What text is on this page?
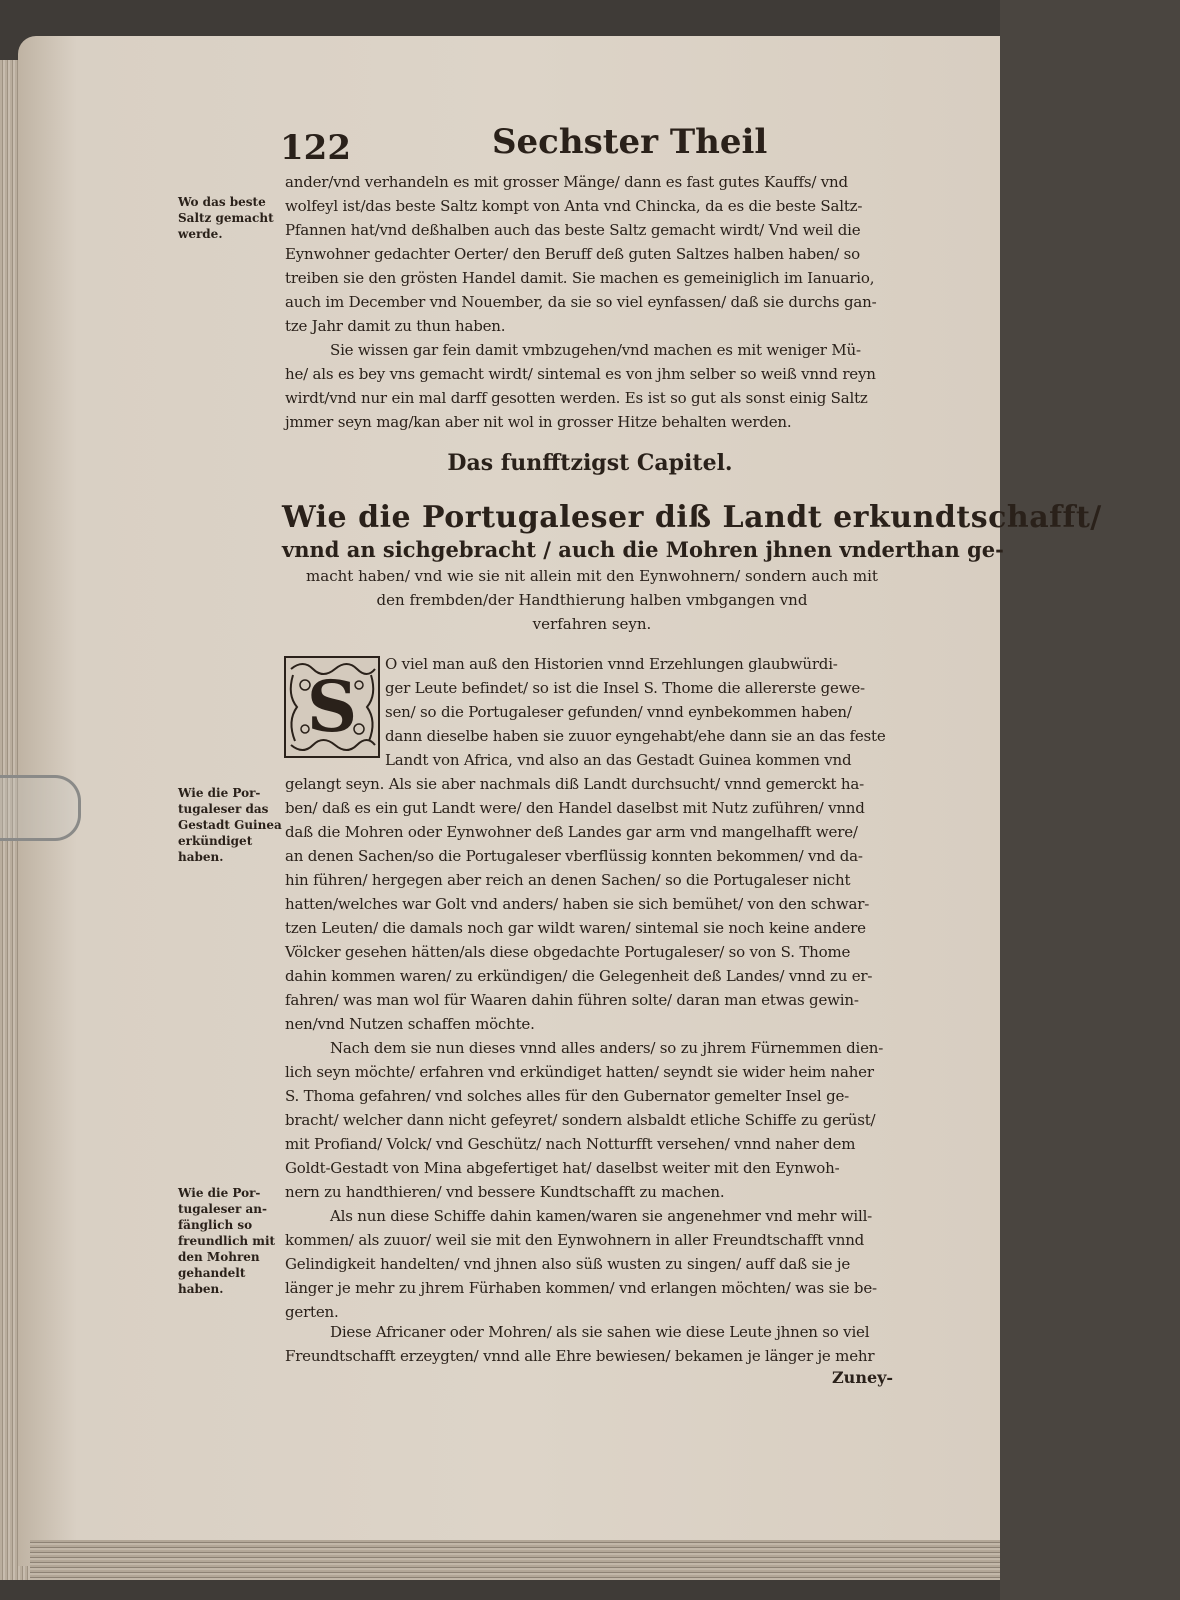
122	Sechster Theil
Wo das beste
Saltz gemacht
werde.
Wie die Por-
tugaleser das
Gestadt Guinea
erkündiget
haben.
Wie die Por-
tugaleser an-
fänglich so
freundlich mit
den Mohren
gehandelt
haben.
ander/vnd verhandeln es mit grosser Mänge/ dann es fast gutes Kauffs/ vnd
wolfeyl ist/das beste Saltz kompt von Anta vnd Chincka, da es die beste Saltz-
Pfannen hat/vnd deßhalben auch das beste Saltz gemacht wirdt/ Vnd weil die
Eynwohner gedachter Oerter/ den Beruff deß guten Saltzes halben haben/ so
treiben sie den grösten Handel damit. Sie machen es gemeiniglich im Ianuario,
auch im December vnd Nouember, da sie so viel eynfassen/ daß sie durchs gan-
tze Jahr damit zu thun haben.
Sie wissen gar fein damit vmbzugehen/vnd machen es mit weniger Mü-
he/ als es bey vns gemacht wirdt/ sintemal es von jhm selber so weiß vnnd reyn
wirdt/vnd nur ein mal darff gesotten werden. Es ist so gut als sonst einig Saltz
jmmer seyn mag/kan aber nit wol in grosser Hitze behalten werden.
Das funfftzigst Capitel.
Wie die Portugaleser diß Landt erkundtschafft/
vnnd an sichgebracht / auch die Mohren jhnen vnderthan ge-
macht haben/ vnd wie sie nit allein mit den Eynwohnern/ sondern auch mit
den frembden/der Handthierung halben vmbgangen vnd
verfahren seyn.
S
O viel man auß den Historien vnnd Erzehlungen glaubwürdi-
ger Leute befindet/ so ist die Insel S. Thome die allererste gewe-
sen/ so die Portugaleser gefunden/ vnnd eynbekommen haben/
dann dieselbe haben sie zuuor eyngehabt/ehe dann sie an das feste
Landt von Africa, vnd also an das Gestadt Guinea kommen vnd
gelangt seyn. Als sie aber nachmals diß Landt durchsucht/ vnnd gemerckt ha-
ben/ daß es ein gut Landt were/ den Handel daselbst mit Nutz zuführen/ vnnd
daß die Mohren oder Eynwohner deß Landes gar arm vnd mangelhafft were/
an denen Sachen/so die Portugaleser vberflüssig konnten bekommen/ vnd da-
hin führen/ hergegen aber reich an denen Sachen/ so die Portugaleser nicht
hatten/welches war Golt vnd anders/ haben sie sich bemühet/ von den schwar-
tzen Leuten/ die damals noch gar wildt waren/ sintemal sie noch keine andere
Völcker gesehen hätten/als diese obgedachte Portugaleser/ so von S. Thome
dahin kommen waren/ zu erkündigen/ die Gelegenheit deß Landes/ vnnd zu er-
fahren/ was man wol für Waaren dahin führen solte/ daran man etwas gewin-
nen/vnd Nutzen schaffen möchte.
Nach dem sie nun dieses vnnd alles anders/ so zu jhrem Fürnemmen dien-
lich seyn möchte/ erfahren vnd erkündiget hatten/ seyndt sie wider heim naher
S. Thoma gefahren/ vnd solches alles für den Gubernator gemelter Insel ge-
bracht/ welcher dann nicht gefeyret/ sondern alsbaldt etliche Schiffe zu gerüst/
mit Profiand/ Volck/ vnd Geschütz/ nach Notturfft versehen/ vnnd naher dem
Goldt-Gestadt von Mina abgefertiget hat/ daselbst weiter mit den Eynwoh-
nern zu handthieren/ vnd bessere Kundtschafft zu machen.
Als nun diese Schiffe dahin kamen/waren sie angenehmer vnd mehr will-
kommen/ als zuuor/ weil sie mit den Eynwohnern in aller Freundtschafft vnnd
Gelindigkeit handelten/ vnd jhnen also süß wusten zu singen/ auff daß sie je
länger je mehr zu jhrem Fürhaben kommen/ vnd erlangen möchten/ was sie be-
gerten.
Diese Africaner oder Mohren/ als sie sahen wie diese Leute jhnen so viel
Freundtschafft erzeygten/ vnnd alle Ehre bewiesen/ bekamen je länger je mehr
Zuney-
